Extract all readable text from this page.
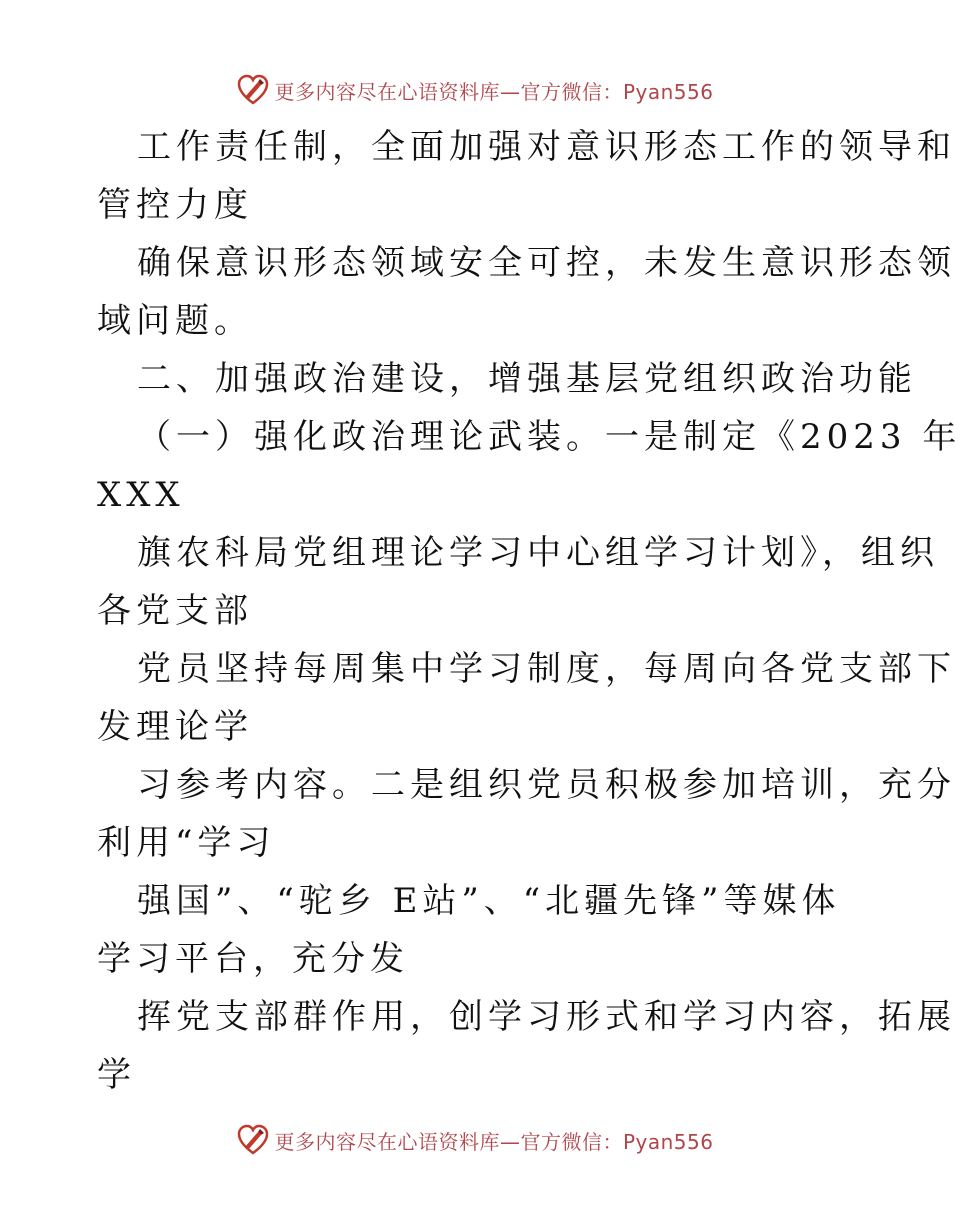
更多内容尽在心语资料库—官方微信：Pyan556
工作责任制，全面加强对意识形态工作的领导和
管控力度
确保意识形态领域安全可控，未发生意识形态领
域问题。
二、加强政治建设，增强基层党组织政治功能
（一）强化政治理论武装。一是制定《2023 年
XXX
旗农科局党组理论学习中心组学习计划》，组织
各党支部
党员坚持每周集中学习制度，每周向各党支部下
发理论学
习参考内容。二是组织党员积极参加培训，充分
利用“学习
强国”、“驼乡 E站”、“北疆先锋”等媒体
学习平台，充分发
挥党支部群作用，创学习形式和学习内容，拓展
学
更多内容尽在心语资料库—官方微信：Pyan556
